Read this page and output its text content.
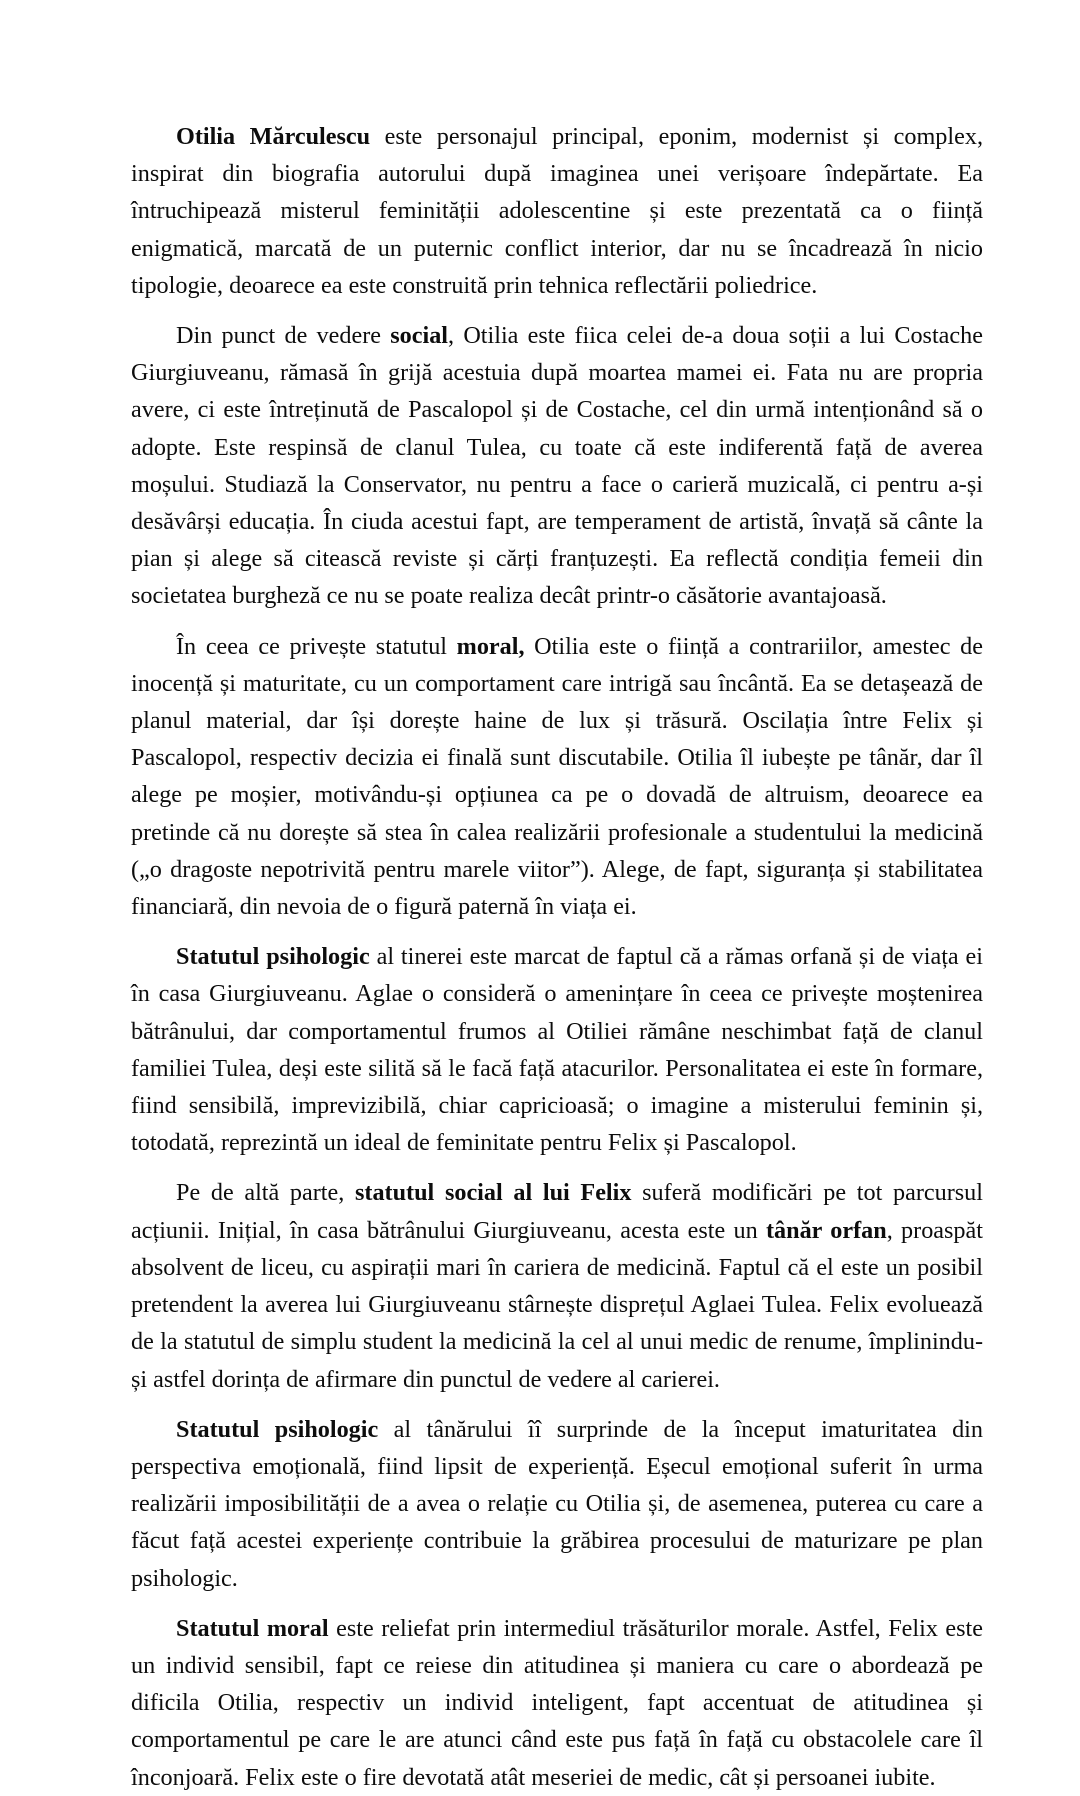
Otilia Mărculescu este personajul principal, eponim, modernist și complex, inspirat din biografia autorului după imaginea unei verișoare îndepărtate. Ea întruchipează misterul feminității adolescentine și este prezentată ca o ființă enigmatică, marcată de un puternic conflict interior, dar nu se încadrează în nicio tipologie, deoarece ea este construită prin tehnica reflectării poliedrice.

Din punct de vedere social, Otilia este fiica celei de-a doua soții a lui Costache Giurgiuveanu, rămasă în grijă acestuia după moartea mamei ei. Fata nu are propria avere, ci este întreținută de Pascalopol și de Costache, cel din urmă intenționând să o adopte. Este respinsă de clanul Tulea, cu toate că este indiferentă față de averea moșului. Studiază la Conservator, nu pentru a face o carieră muzicală, ci pentru a-și desăvârși educația. În ciuda acestui fapt, are temperament de artistă, învață să cânte la pian și alege să citească reviste și cărți franțuzești. Ea reflectă condiția femeii din societatea burgheză ce nu se poate realiza decât printr-o căsătorie avantajoasă.

În ceea ce privește statutul moral, Otilia este o ființă a contrariilor, amestec de inocență și maturitate, cu un comportament care intrigă sau încântă. Ea se detașează de planul material, dar își dorește haine de lux și trăsură. Oscilația între Felix și Pascalopol, respectiv decizia ei finală sunt discutabile. Otilia îl iubește pe tânăr, dar îl alege pe moșier, motivându-și opțiunea ca pe o dovadă de altruism, deoarece ea pretinde că nu dorește să stea în calea realizării profesionale a studentului la medicină („o dragoste nepotrivită pentru marele viitor”). Alege, de fapt, siguranța și stabilitatea financiară, din nevoia de o figură paternă în viața ei.

Statutul psihologic al tinerei este marcat de faptul că a rămas orfană și de viața ei în casa Giurgiuveanu. Aglae o consideră o amenințare în ceea ce privește moștenirea bătrânului, dar comportamentul frumos al Otiliei rămâne neschimbat față de clanul familiei Tulea, deși este silită să le facă față atacurilor. Personalitatea ei este în formare, fiind sensibilă, imprevizibilă, chiar capricioasă; o imagine a misterului feminin și, totodată, reprezintă un ideal de feminitate pentru Felix și Pascalopol.

Pe de altă parte, statutul social al lui Felix suferă modificări pe tot parcursul acțiunii. Inițial, în casa bătrânului Giurgiuveanu, acesta este un tânăr orfan, proaspăt absolvent de liceu, cu aspirații mari în cariera de medicină. Faptul că el este un posibil pretendent la averea lui Giurgiuveanu stârnește disprețul Aglaei Tulea. Felix evoluează de la statutul de simplu student la medicină la cel al unui medic de renume, împlinindu-și astfel dorința de afirmare din punctul de vedere al carierei.

Statutul psihologic al tânărului îî surprinde de la început imaturitatea din perspectiva emoțională, fiind lipsit de experiență. Eșecul emoțional suferit în urma realizării imposibilității de a avea o relație cu Otilia și, de asemenea, puterea cu care a făcut față acestei experiențe contribuie la grăbirea procesului de maturizare pe plan psihologic.

Statutul moral este reliefat prin intermediul trăsăturilor morale. Astfel, Felix este un individ sensibil, fapt ce reiese din atitudinea și maniera cu care o abordează pe dificila Otilia, respectiv un individ inteligent, fapt accentuat de atitudinea și comportamentul pe care le are atunci când este pus față în față cu obstacolele care îl înconjoară. Felix este o fire devotată atât meseriei de medic, cât și persoanei iubite.
